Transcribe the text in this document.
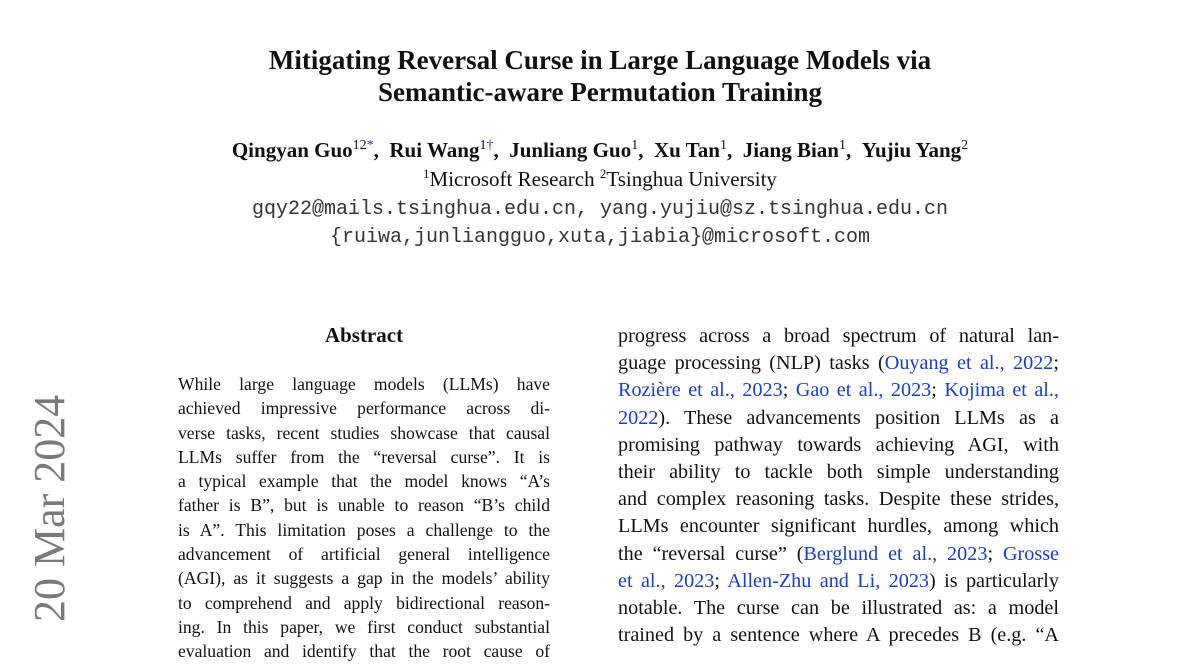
Mitigating Reversal Curse in Large Language Models via
Semantic-aware Permutation Training
Qingyan Guo$^{12*}$,  Rui Wang$^{1\dagger}$,  Junliang Guo$^1$,  Xu Tan$^1$,  Jiang Bian$^1$,  Yujiu Yang$^2$
$^1$Microsoft Research $^2$Tsinghua University
gqy22@mails.tsinghua.edu.cn, yang.yujiu@sz.tsinghua.edu.cn
{ruiwa,junliangguo,xuta,jiabia}@microsoft.com
20 Mar 2024
Abstract
While large language models (LLMs) have
achieved impressive performance across di-
verse tasks, recent studies showcase that causal
LLMs suffer from the “reversal curse”. It is
a typical example that the model knows “A’s
father is B”, but is unable to reason “B’s child
is A”. This limitation poses a challenge to the
advancement of artificial general intelligence
(AGI), as it suggests a gap in the models’ ability
to comprehend and apply bidirectional reason-
ing. In this paper, we first conduct substantial
evaluation and identify that the root cause of
progress across a broad spectrum of natural lan-
guage processing (NLP) tasks (Ouyang et al., 2022;
Rozière et al., 2023; Gao et al., 2023; Kojima et al.,
2022). These advancements position LLMs as a
promising pathway towards achieving AGI, with
their ability to tackle both simple understanding
and complex reasoning tasks. Despite these strides,
LLMs encounter significant hurdles, among which
the “reversal curse” (Berglund et al., 2023; Grosse
et al., 2023; Allen-Zhu and Li, 2023) is particularly
notable. The curse can be illustrated as: a model
trained by a sentence where A precedes B (e.g. “A
